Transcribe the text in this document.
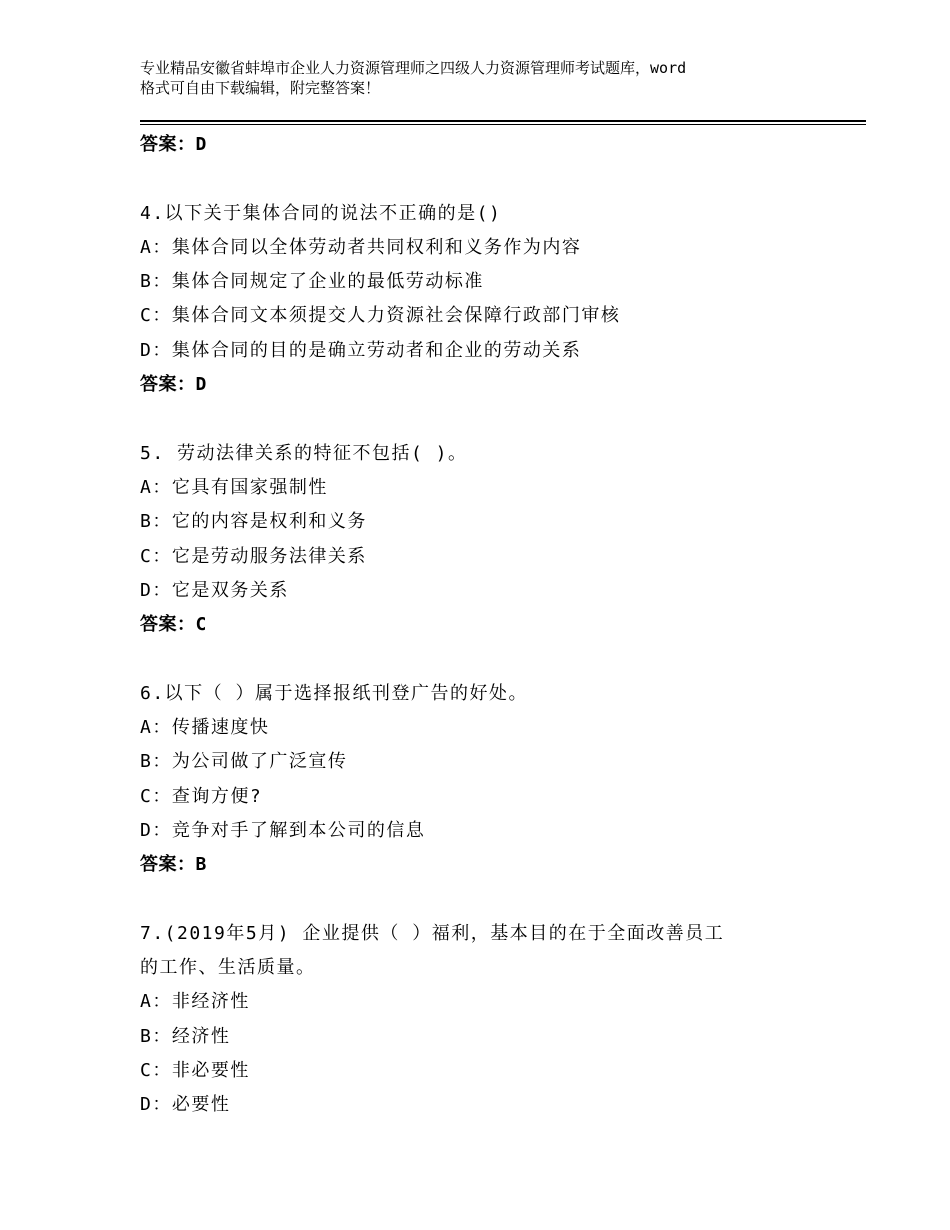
专业精品安徽省蚌埠市企业人力资源管理师之四级人力资源管理师考试题库，word
格式可自由下载编辑，附完整答案！
答案：D
4.以下关于集体合同的说法不正确的是()
A：集体合同以全体劳动者共同权利和义务作为内容
B：集体合同规定了企业的最低劳动标准
C：集体合同文本须提交人力资源社会保障行政部门审核
D：集体合同的目的是确立劳动者和企业的劳动关系
答案：D
5. 劳动法律关系的特征不包括( )。
A：它具有国家强制性
B：它的内容是权利和义务
C：它是劳动服务法律关系
D：它是双务关系
答案：C
6.以下（ ）属于选择报纸刊登广告的好处。
A：传播速度快
B：为公司做了广泛宣传
C：查询方便?
D：竞争对手了解到本公司的信息
答案：B
7.(2019年5月) 企业提供（ ）福利，基本目的在于全面改善员工
的工作、生活质量。
A：非经济性
B：经济性
C：非必要性
D：必要性
